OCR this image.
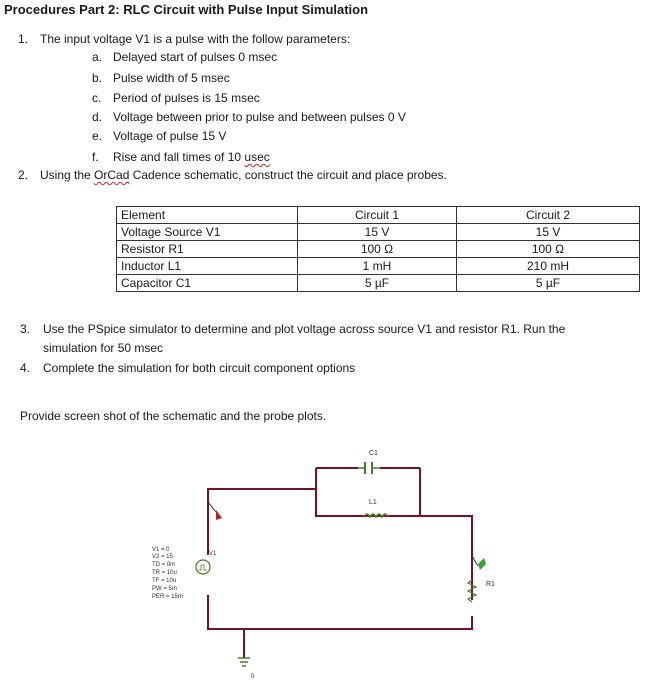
Procedures Part 2: RLC Circuit with Pulse Input Simulation
1. The input voltage V1 is a pulse with the follow parameters:
a. Delayed start of pulses 0 msec
b. Pulse width of 5 msec
c. Period of pulses is 15 msec
d. Voltage between prior to pulse and between pulses 0 V
e. Voltage of pulse 15 V
f. Rise and fall times of 10 usec
2. Using the OrCad Cadence schematic, construct the circuit and place probes.
Element	Circuit 1	Circuit 2
Voltage Source V1	15 V	15 V
Resistor R1	100 Ω	100 Ω
Inductor L1	1 mH	210 mH
Capacitor C1	5 µF	5 µF
3. Use the PSpice simulator to determine and plot voltage across source V1 and resistor R1. Run the
simulation for 50 msec
4. Complete the simulation for both circuit component options
Provide screen shot of the schematic and the probe plots.
C1
L1
R1
V1
V1 = 0
V2 = 15
TD = 0m
TR = 10u
TF = 10u
PW = 5m
PER = 15m
0
